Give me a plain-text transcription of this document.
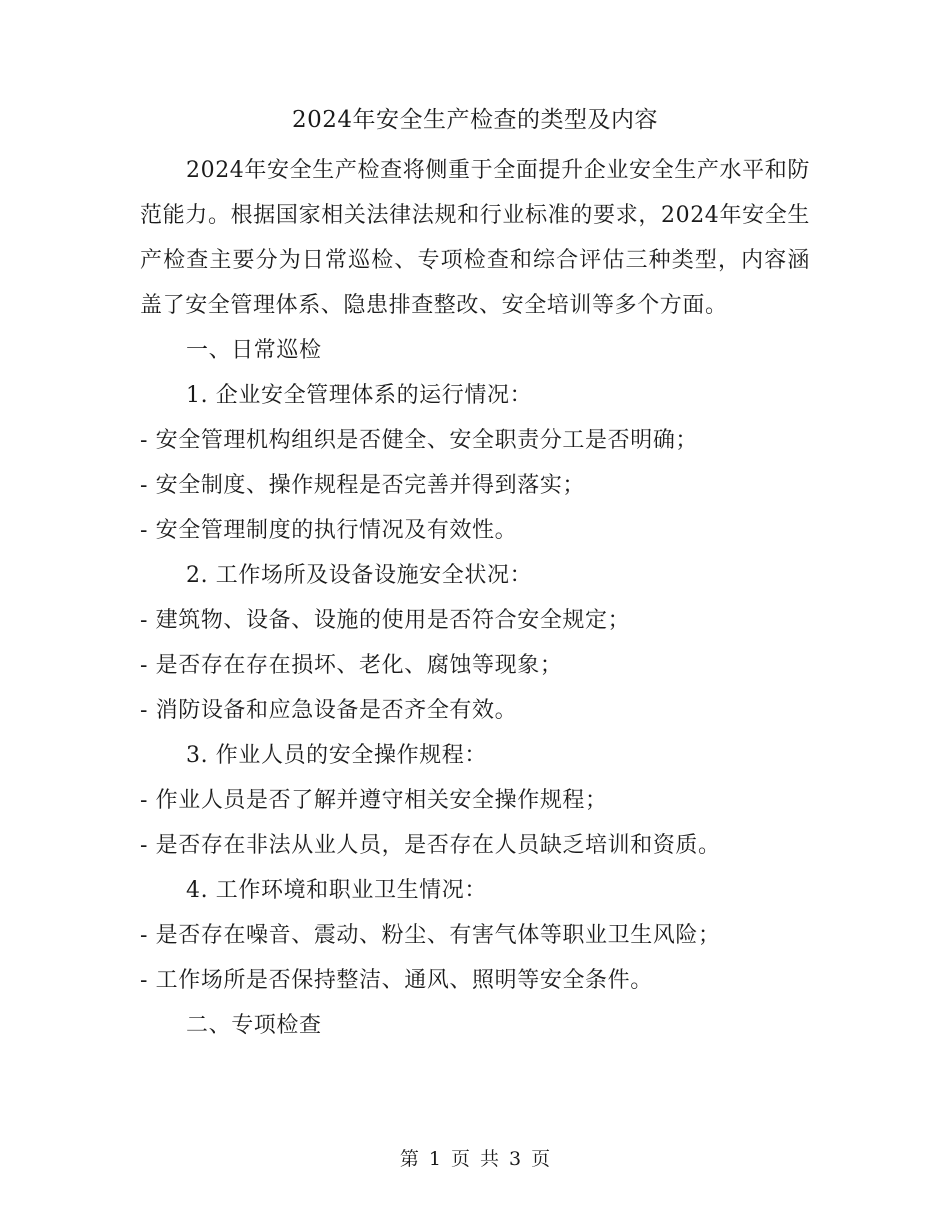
2024年安全生产检查的类型及内容

2024年安全生产检查将侧重于全面提升企业安全生产水平和防范能力。根据国家相关法律法规和行业标准的要求，2024年安全生产检查主要分为日常巡检、专项检查和综合评估三种类型，内容涵盖了安全管理体系、隐患排查整改、安全培训等多个方面。

一、日常巡检

1. 企业安全管理体系的运行情况：

- 安全管理机构组织是否健全、安全职责分工是否明确；

- 安全制度、操作规程是否完善并得到落实；

- 安全管理制度的执行情况及有效性。

2. 工作场所及设备设施安全状况：

- 建筑物、设备、设施的使用是否符合安全规定；

- 是否存在存在损坏、老化、腐蚀等现象；

- 消防设备和应急设备是否齐全有效。

3. 作业人员的安全操作规程：

- 作业人员是否了解并遵守相关安全操作规程；

- 是否存在非法从业人员，是否存在人员缺乏培训和资质。

4. 工作环境和职业卫生情况：

- 是否存在噪音、震动、粉尘、有害气体等职业卫生风险；

- 工作场所是否保持整洁、通风、照明等安全条件。

二、专项检查

第 1 页 共 3 页
